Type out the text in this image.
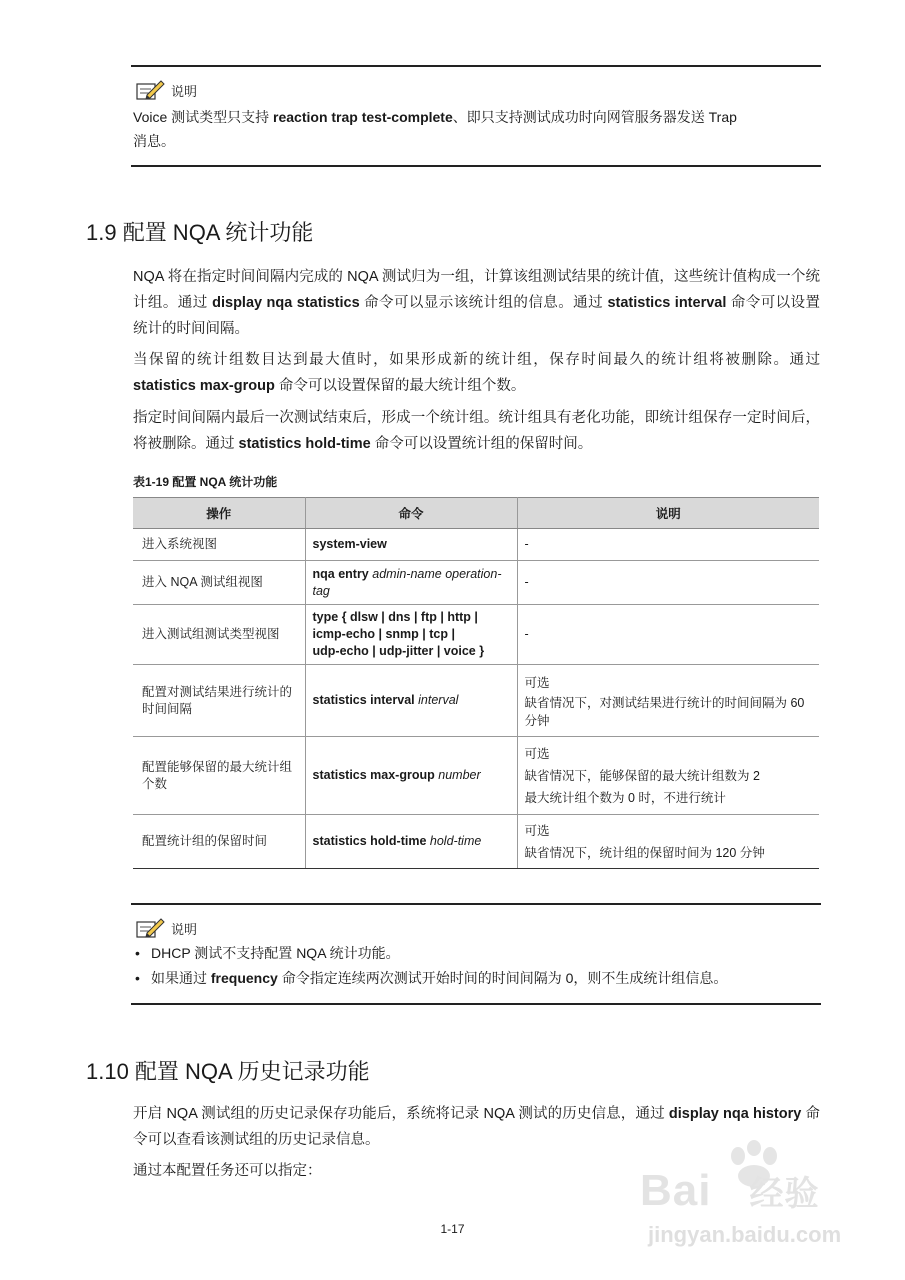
说明
Voice 测试类型只支持 reaction trap test-complete、即只支持测试成功时向网管服务器发送 Trap
消息。
1.9 配置 NQA 统计功能
NQA 将在指定时间间隔内完成的 NQA 测试归为一组，计算该组测试结果的统计值，这些统计值构成一个统计组。通过 display nqa statistics 命令可以显示该统计组的信息。通过 statistics interval 命令可以设置统计的时间间隔。
当保留的统计组数目达到最大值时，如果形成新的统计组，保存时间最久的统计组将被删除。通过 statistics max-group 命令可以设置保留的最大统计组个数。
指定时间间隔内最后一次测试结束后，形成一个统计组。统计组具有老化功能，即统计组保存一定时间后，将被删除。通过 statistics hold-time 命令可以设置统计组的保留时间。
表1-19 配置 NQA 统计功能
操作	命令	说明
进入系统视图	system-view	-
进入 NQA 测试组视图	nqa entry admin-name operation-tag	-
进入测试组测试类型视图	type { dlsw | dns | ftp | http |
icmp-echo | snmp | tcp |
udp-echo | udp-jitter | voice }	-
配置对测试结果进行统计的时间间隔	statistics interval interval	可选
缺省情况下，对测试结果进行统计的时间间隔为 60 分钟

配置能够保留的最大统计组个数	statistics max-group number	可选
缺省情况下，能够保留的最大统计组数为 2
最大统计组个数为 0 时，不进行统计

配置统计组的保留时间	statistics hold-time hold-time	可选
缺省情况下，统计组的保留时间为 120 分钟
说明
• DHCP 测试不支持配置 NQA 统计功能。
• 如果通过 frequency 命令指定连续两次测试开始时间的时间间隔为 0，则不生成统计组信息。
1.10 配置 NQA 历史记录功能
开启 NQA 测试组的历史记录保存功能后，系统将记录 NQA 测试的历史信息，通过 display nqa history 命令可以查看该测试组的历史记录信息。
通过本配置任务还可以指定：
1-17
Bai 经验
jingyan.baidu.com
